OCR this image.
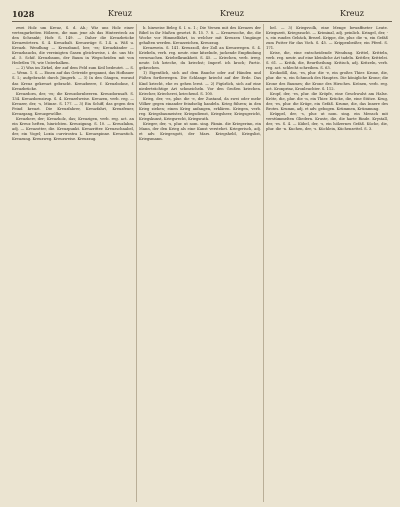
1028	Kreuz	Kreuz	Kreuz

zwei Holz um Kreuz, S. d. Ab.; Wiz uns Holz einer vertragarbeiten Hölzern, die man jene als das Hintersteck an den Schrankt; Hofr. S. 149. — Daher die Kreuzbrücke Kreuzwörtern. S. 4. Kreuzbalt. Kreuzwäge S. 1.4. a. Wiß u. Kreuzb. Wendlung — Kreuzband, ber, -es; Kreuzbänder — Kreuzbauchs, die vereinigten Gasen gleichweise, i. de. uns Mr. al. 5. Schif. Kreuzbaum, der Baum in Wegscheiden mit von Hedetlen 78, wie Unterbalken.

— 2) Was im Zirkel, der auf dem Feld zum Keil bedeutet. — S. — Wenn. 1. S. — Einen auf das Getreide gespannt, das Hofbauer S. I.; aufgebracht durch Jüngerb. — 3) In den Gängen, worauf das Kreuz gekreuzt gebracht. Kreuzbeere, f. Kreuzbohne, f. Kreuzbrücke.

Kreuzdorn, der, -es; die Kreuzdornbeeren. Kreuzdornsaft. S. 134. Kreuzdornsirup. S. 4. Kreuzelweise. Kreuzen, verb. reg. — Kreuzer, der, -s, Münze. S. 177. — 3) Ein Schiff, das gegen den Feind kreuzt. Die Kreuzfahrer, Kreuzfahrt, Kreuzfeuer, Kreuzgang, Kreuzgewölbe.

Kreuzherr, der; Kreuzholz, das; Kreuzigen, verb. reg. act. an ein Kreuz heften, hinrichten. Kreuzigung. S. 10. — Kreuzlahm, adj. — Kreuzotter, die. Kreuzpunkt. Kreuzritter. Kreuzschnabel, der, ein Vogel; Loxia curvirostra L. Kreuzspinne. Kreuzstich. Kreuzung. Kreuzweg. Kreuzweise. Kreuzzug.

b. hinweise Beleg S. I. u. 1.; Die Versen mit des Kreuzes der Bibel in ihr Maßen gesetzt. B. 15. 7. 8. — Kreuzwoche, die, die Woche vor Himmelfahrt, in welcher mit Kreuzen Umgänge gehalten werden. Kreuzzeichen, Kreuzzug.

Kreuzwein. S. 141. Kreuzzoll, der Zoll an Kreuzwegen. S. 4. Kriebeln, verb. reg. neutr. eine kitzelnde, juckende Empfindung verursachen. Kriebelkrankheit. S. 45. — Kriechen, verb. irreg. neutr. Ich krieche, du kriechst; Imperf. ich kroch; Partic. gekrochen.

1) Eigentlich, sich auf dem Bauche oder auf Händen und Füßen fortbewegen. Die Schlange kriecht auf der Erde. Das Kind kriecht, ehe es gehen lernt. — 2) Figürlich, sich auf eine niederträchtige Art schmeicheln. Vor den Großen kriechen. Kriecher, Kriecherei, kriechend. S. 100.

Krieg, der, -es, plur. die -e, der Zustand, da zwei oder mehr Völker gegen einander feindselig handeln. Krieg führen; in den Krieg ziehen; einen Krieg anfangen, erklären. Kriegen, verb. reg. Kriegsbaumeister, Kriegsdienst, Kriegsheer, Kriegsgericht, Kriegskunst, Kriegsrecht, Kriegsrath.

Krieger, der, -s, plur. ut nom. sing. Fämin. die Kriegerinn, ein Mann, der den Krieg als eine Kunst verstehet. Kriegerisch, adj. et adv. Kriegesgott, der Mars. Kriegsheld, Kriegslist, Kriegsmann.

bel. — 3) Kriegsvolk, eine Menge bewaffneter Leute. Kriegszeit, Kriegszucht. — Kriminal, adj. peinlich. Kringel, der, -s, ein rundes Gebäck, Brezel. Krippe, die, plur. die -n, ein Gefäß zum Futter für das Vieh. S. 45. — Krippenbeißer, ein Pferd. S. 171.

Krise, die, eine entscheidende Wendung. Krittel, Kritteln, verb. reg. neutr. auf eine kleinliche Art tadeln. Krittler, Krittelei. S. 61. — Kritik, die, Beurtheilung. Kritisch, adj. Kritzeln, verb. reg. act. schlecht schreiben. S. 63.

Krokodill, das, -es, plur. die -e, ein großes Thier. Krone, die, plur. die -n, ein Schmuck des Hauptes. Die königliche Krone; die Krone des Baumes; die Krone des Hirsches. Krönen, verb. reg. act. Kronprinz, Kronleuchter. S. 112.

Kropf, der, -es, plur. die Kröpfe, eine Geschwulst am Halse. Kröte, die, plur. die -n, ein Thier. Krücke, die, eine Stütze. Krug, der, -es, plur. die Krüge, ein Gefäß. Krume, die, das Innere des Brotes. Krumm, adj. et adv. gebogen. Krümmen, Krümmung.

Krüppel, der, -s, plur. ut nom. sing. ein Mensch mit verstümmelten Gliedern. Kruste, die, die harte Rinde. Krystall, der, -es. S. 4. — Kübel, der, -s, ein hölzernes Gefäß. Küche, die, plur. die -n. Kuchen, der, -s. Küchlein, Küchenzettel. S. 3.
